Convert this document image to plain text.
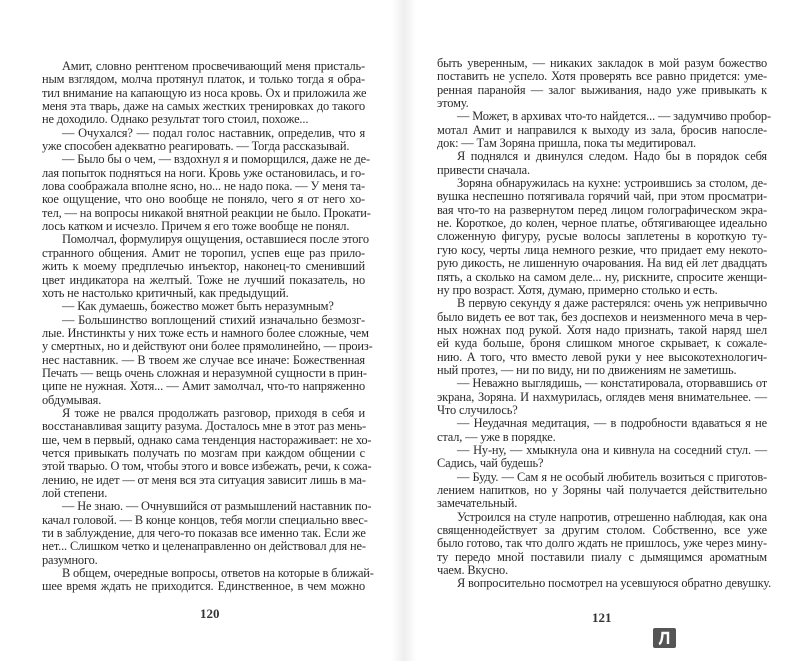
Амит, словно рентгеном просвечивающий меня присталь-
ным взглядом, молча протянул платок, и только тогда я обра-
тил внимание на капающую из носа кровь. Ох и приложила же
меня эта тварь, даже на самых жестких тренировках до такого
не доходило. Однако результат того стоил, похоже...
— Очухался? — подал голос наставник, определив, что я
уже способен адекватно реагировать. — Тогда рассказывай.
— Было бы о чем, — вздохнул я и поморщился, даже не де-
лая попыток подняться на ноги. Кровь уже остановилась, и го-
лова соображала вполне ясно, но... не надо пока. — У меня та-
кое ощущение, что оно вообще не поняло, чего я от него хо-
тел, — на вопросы никакой внятной реакции не было. Прокати-
лось катком и исчезло. Причем я его тоже вообще не понял.
Помолчал, формулируя ощущения, оставшиеся после этого
странного общения. Амит не торопил, успев еще раз прило-
жить к моему предплечью инъектор, наконец-то сменивший
цвет индикатора на желтый. Тоже не лучший показатель, но
хоть не настолько критичный, как предыдущий.
— Как думаешь, божество может быть неразумным?
— Большинство воплощений стихий изначально безмозг-
лые. Инстинкты у них тоже есть и намного более сложные, чем
у смертных, но и действуют они более прямолинейно, — произ-
нес наставник. — В твоем же случае все иначе: Божественная
Печать — вещь очень сложная и неразумной сущности в прин-
ципе не нужная. Хотя... — Амит замолчал, что-то напряженно
обдумывая.
Я тоже не рвался продолжать разговор, приходя в себя и
восстанавливая защиту разума. Досталось мне в этот раз мень-
ше, чем в первый, однако сама тенденция настораживает: не хо-
чется привыкать получать по мозгам при каждом общении с
этой тварью. О том, чтобы этого и вовсе избежать, речи, к сожа-
лению, не идет — от меня вся эта ситуация зависит лишь в ма-
лой степени.
— Не знаю. — Очнувшийся от размышлений наставник по-
качал головой. — В конце концов, тебя могли специально ввес-
ти в заблуждение, для чего-то показав все именно так. Если же
нет... Слишком четко и целенаправленно он действовал для не-
разумного.
В общем, очередные вопросы, ответов на которые в ближай-
шее время ждать не приходится. Единственное, в чем можно
120
быть уверенным, — никаких закладок в мой разум божество
поставить не успело. Хотя проверять все равно придется: уме-
ренная паранойя — залог выживания, надо уже привыкать к
этому.
— Может, в архивах что-то найдется... — задумчиво пробор-
мотал Амит и направился к выходу из зала, бросив напосле-
док: — Там Зоряна пришла, пока ты медитировал.
Я поднялся и двинулся следом. Надо бы в порядок себя
привести сначала.
Зоряна обнаружилась на кухне: устроившись за столом, де-
вушка неспешно потягивала горячий чай, при этом просматри-
вая что-то на развернутом перед лицом голографическом экра-
не. Короткое, до колен, черное платье, обтягивающее идеально
сложенную фигуру, русые волосы заплетены в короткую ту-
гую косу, черты лица немного резкие, что придает ему некото-
рую дикость, не лишенную очарования. На вид ей лет двадцать
пять, а сколько на самом деле... ну, рискните, спросите женщи-
ну про возраст. Хотя, думаю, примерно столько и есть.
В первую секунду я даже растерялся: очень уж непривычно
было видеть ее вот так, без доспехов и неизменного меча в чер-
ных ножнах под рукой. Хотя надо признать, такой наряд шел
ей куда больше, броня слишком многое скрывает, к сожале-
нию. А того, что вместо левой руки у нее высокотехнологич-
ный протез, — ни по виду, ни по движениям не заметишь.
— Неважно выглядишь, — констатировала, оторвавшись от
экрана, Зоряна. И нахмурилась, оглядев меня внимательнее. —
Что случилось?
— Неудачная медитация, — в подробности вдаваться я не
стал, — уже в порядке.
— Ну-ну, — хмыкнула она и кивнула на соседний стул. —
Садись, чай будешь?
— Буду. — Сам я не особый любитель возиться с приготов-
лением напитков, но у Зоряны чай получается действительно
замечательный.
Устроился на стуле напротив, отрешенно наблюдая, как она
священнодействует за другим столом. Собственно, все уже
было готово, так что долго ждать не пришлось, уже через мину-
ту передо мной поставили пиалу с дымящимся ароматным
чаем. Вкусно.
Я вопросительно посмотрел на усевшуюся обратно девушку.
121
